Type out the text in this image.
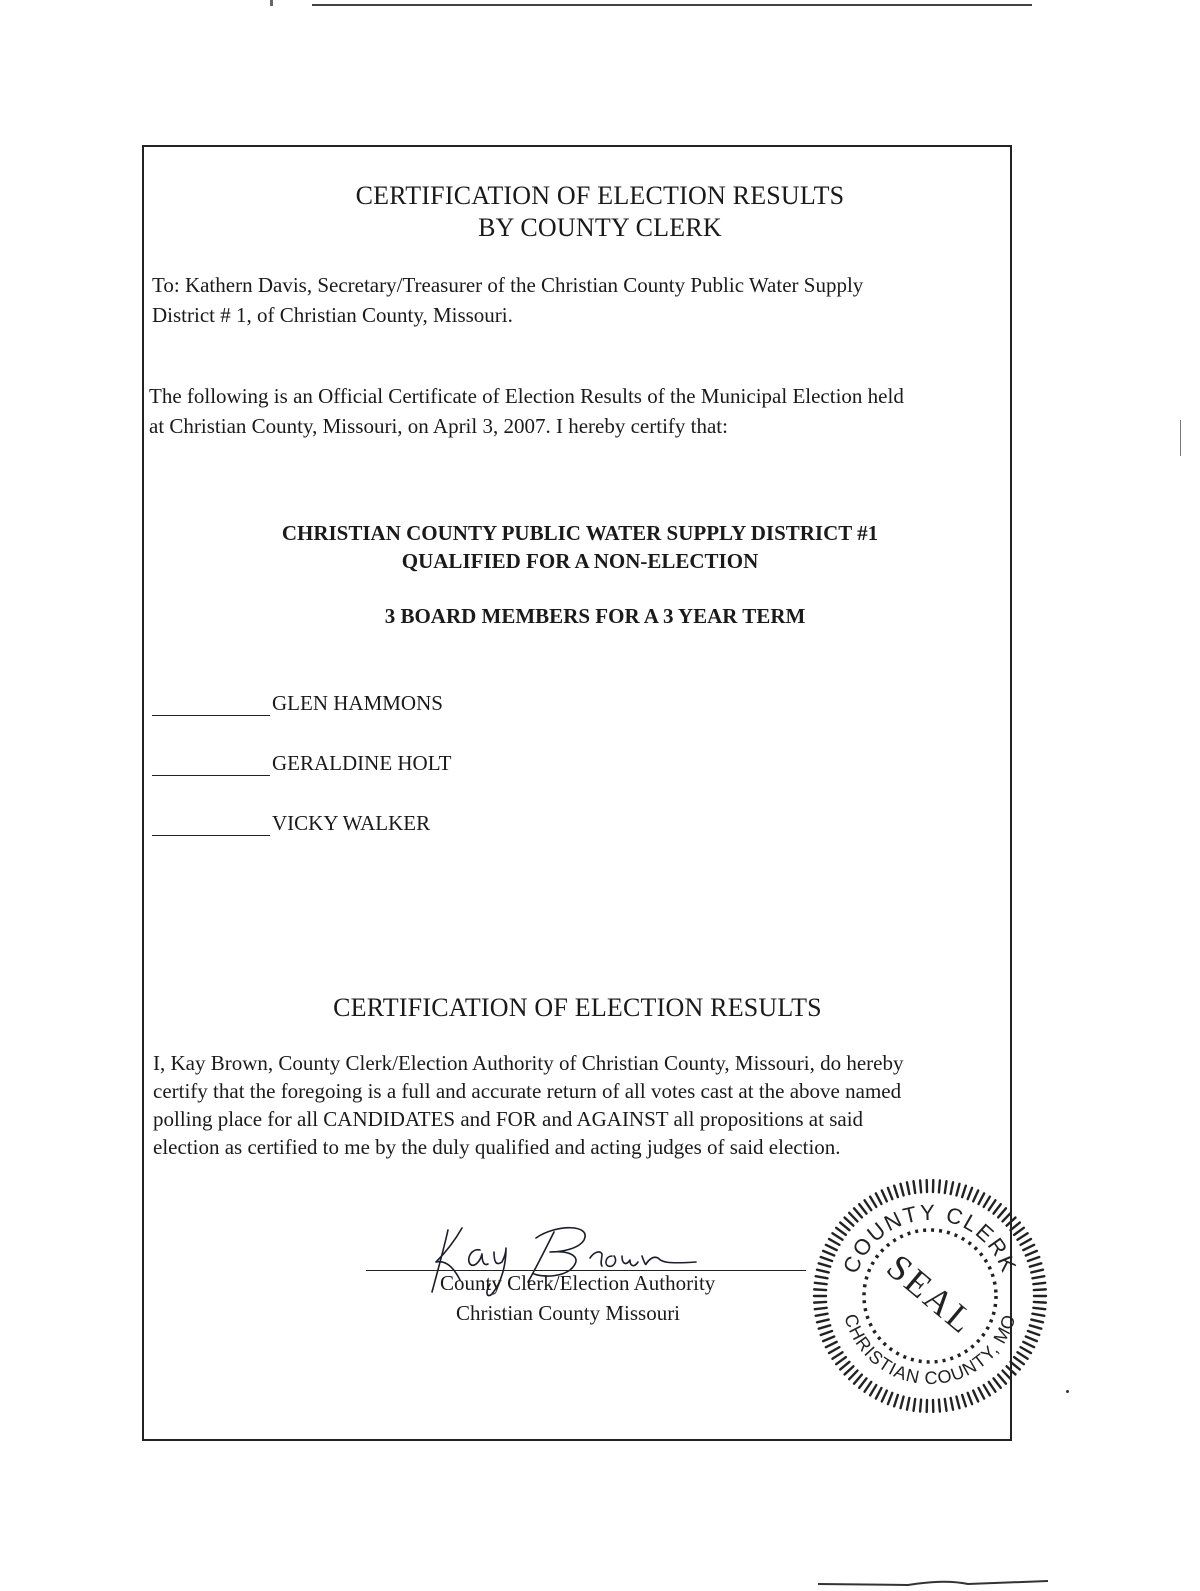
CERTIFICATION OF ELECTION RESULTS
BY COUNTY CLERK
To: Kathern Davis, Secretary/Treasurer of the Christian County Public Water Supply
District # 1, of Christian County, Missouri.
The following is an Official Certificate of Election Results of the Municipal Election held
at Christian County, Missouri, on April 3, 2007. I hereby certify that:
CHRISTIAN COUNTY PUBLIC WATER SUPPLY DISTRICT #1
QUALIFIED FOR A NON-ELECTION
3 BOARD MEMBERS FOR A 3 YEAR TERM
GLEN HAMMONS
GERALDINE HOLT
VICKY WALKER
CERTIFICATION OF ELECTION RESULTS
I, Kay Brown, County Clerk/Election Authority of Christian County, Missouri, do hereby
certify that the foregoing is a full and accurate return of all votes cast at the above named
polling place for all CANDIDATES and FOR and AGAINST all propositions at said
election as certified to me by the duly qualified and acting judges of said election.
County Clerk/Election Authority
Christian County Missouri
COUNTY CLERK
CHRISTIAN COUNTY, MO
SEAL
